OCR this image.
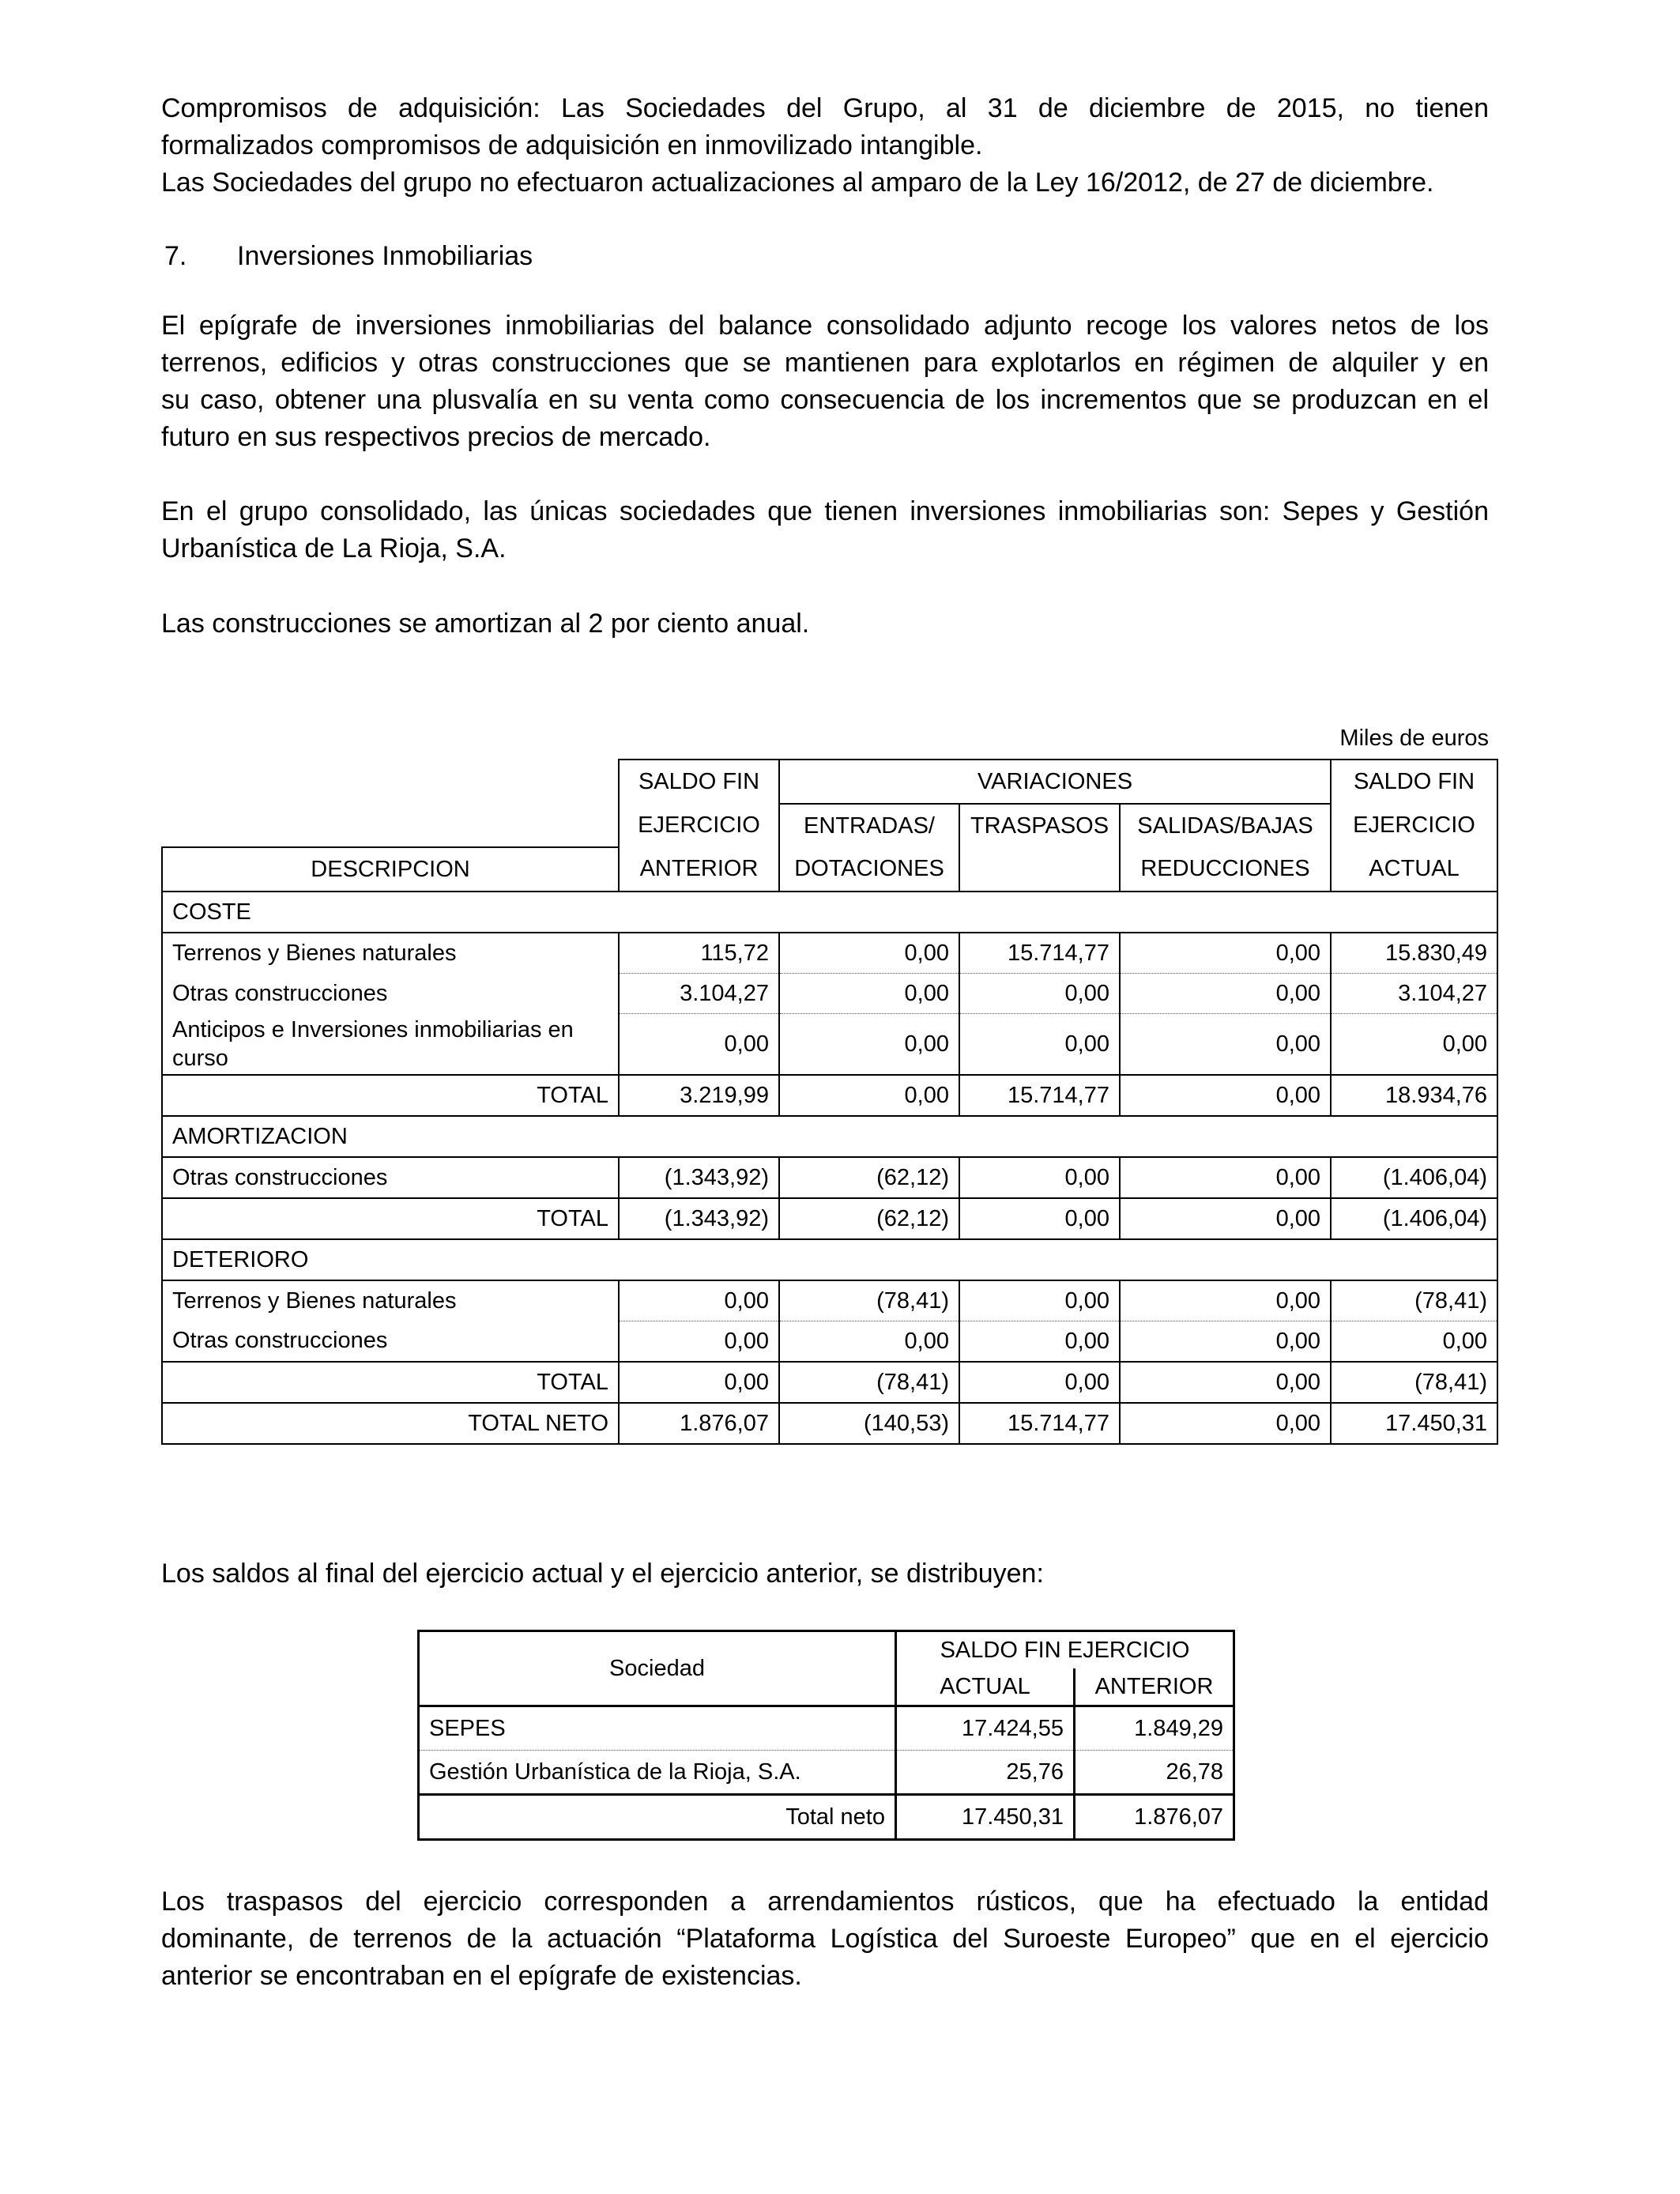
Compromisos de adquisición: Las Sociedades del Grupo, al 31 de diciembre de 2015, no tienen
formalizados compromisos de adquisición en inmovilizado intangible.
Las Sociedades del grupo no efectuaron actualizaciones al amparo de la Ley 16/2012, de 27 de diciembre.
7. Inversiones Inmobiliarias
El epígrafe de inversiones inmobiliarias del balance consolidado adjunto recoge los valores netos de los
terrenos, edificios y otras construcciones que se mantienen para explotarlos en régimen de alquiler y en
su caso, obtener una plusvalía en su venta como consecuencia de los incrementos que se produzcan en el
futuro en sus respectivos precios de mercado.
En el grupo consolidado, las únicas sociedades que tienen inversiones inmobiliarias son: Sepes y Gestión
Urbanística de La Rioja, S.A.
Las construcciones se amortizan al 2 por ciento anual.
Miles de euros
	SALDO FIN	VARIACIONES			SALDO FIN
	EJERCICIO	ENTRADAS/	TRASPASOS	SALIDAS/BAJAS	EJERCICIO
DESCRIPCION	ANTERIOR	DOTACIONES		REDUCCIONES	ACTUAL
COSTE					
Terrenos y Bienes naturales	115,72	0,00	15.714,77	0,00	15.830,49
Otras construcciones	3.104,27	0,00	0,00	0,00	3.104,27
Anticipos e Inversiones inmobiliarias en curso	0,00	0,00	0,00	0,00	0,00
TOTAL	3.219,99	0,00	15.714,77	0,00	18.934,76
AMORTIZACION					
Otras construcciones	(1.343,92)	(62,12)	0,00	0,00	(1.406,04)
TOTAL	(1.343,92)	(62,12)	0,00	0,00	(1.406,04)
DETERIORO					
Terrenos y Bienes naturales	0,00	(78,41)	0,00	0,00	(78,41)
Otras construcciones	0,00	0,00	0,00	0,00	0,00
TOTAL	0,00	(78,41)	0,00	0,00	(78,41)
TOTAL NETO	1.876,07	(140,53)	15.714,77	0,00	17.450,31
Los saldos al final del ejercicio actual y el ejercicio anterior, se distribuyen:
Sociedad	SALDO FIN EJERCICIO	
	ACTUAL	ANTERIOR
SEPES	17.424,55	1.849,29
Gestión Urbanística de la Rioja, S.A.	25,76	26,78
Total neto	17.450,31	1.876,07
Los traspasos del ejercicio corresponden a arrendamientos rústicos, que ha efectuado la entidad
dominante, de terrenos de la actuación “Plataforma Logística del Suroeste Europeo” que en el ejercicio
anterior se encontraban en el epígrafe de existencias.
